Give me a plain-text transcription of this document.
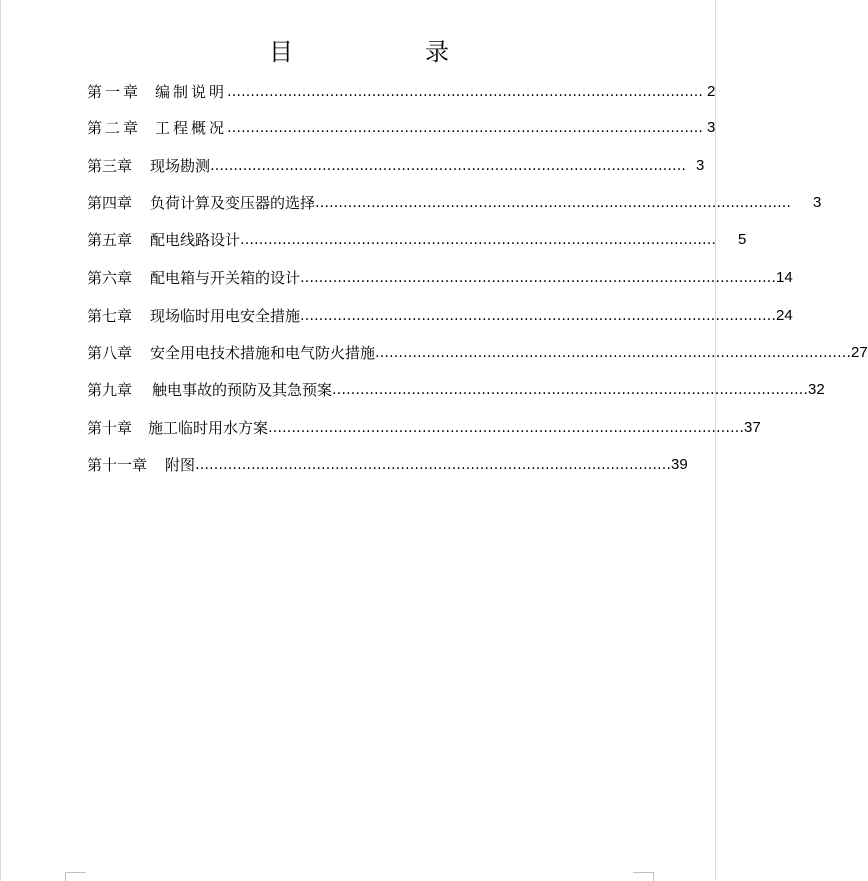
目　录
第一章 编制说明 ………………………………………………………………………………………… 2
第二章 工程概况 ………………………………………………………………………………………… 3
第三章 现场勘测 ………………………………………………………………………………………… 3
第四章 负荷计算及变压器的选择 ………………………………………………………………………………………… 3
第五章 配电线路设计 ………………………………………………………………………………………… 5
第六章 配电箱与开关箱的设计 ………………………………………………………………………………………… 14
第七章 现场临时用电安全措施 ………………………………………………………………………………………… 24
第八章 安全用电技术措施和电气防火措施 ………………………………………………………………………………………… 27
第九章 触电事故的预防及其急预案 ………………………………………………………………………………………… 32
第十章 施工临时用水方案 ………………………………………………………………………………………… 37
第十一章 附图 ………………………………………………………………………………………… 39
